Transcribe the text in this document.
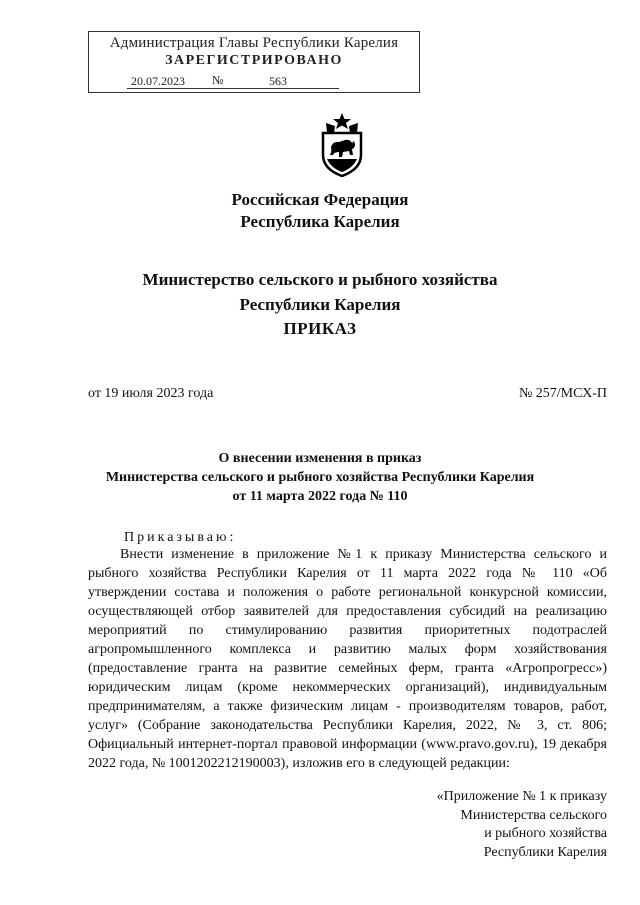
Администрация Главы Республики Карелия
ЗАРЕГИСТРИРОВАНО
20.07.2023 №	563
Российская Федерация
Республика Карелия
Министерство сельского и рыбного хозяйства
Республики Карелия
ПРИКАЗ
от 19 июля 2023 года	№ 257/МСХ-П
О внесении изменения в приказ
Министерства сельского и рыбного хозяйства Республики Карелия
от 11 марта 2022 года № 110
Приказываю:

Внести изменение в приложение №1 к приказу Министерства сельского и рыбного хозяйства Республики Карелия от 11 марта 2022 года № 110 «Об утверждении состава и положения о работе региональной конкурсной комиссии, осуществляющей отбор заявителей для предоставления субсидий на реализацию мероприятий по стимулированию развития приоритетных подотраслей агропромышленного комплекса и развитию малых форм хозяйствования (предоставление гранта на развитие семейных ферм, гранта «Агропрогресс») юридическим лицам (кроме некоммерческих организаций), индивидуальным предпринимателям, а также физическим лицам - производителям товаров, работ, услуг» (Собрание законодательства Республики Карелия, 2022, № 3, ст. 806; Официальный интернет-портал правовой информации (www.pravo.gov.ru), 19 декабря 2022 года, № 1001202212190003), изложив его в следующей редакции:

«Приложение № 1 к приказу
Министерства сельского
и рыбного хозяйства
Республики Карелия
